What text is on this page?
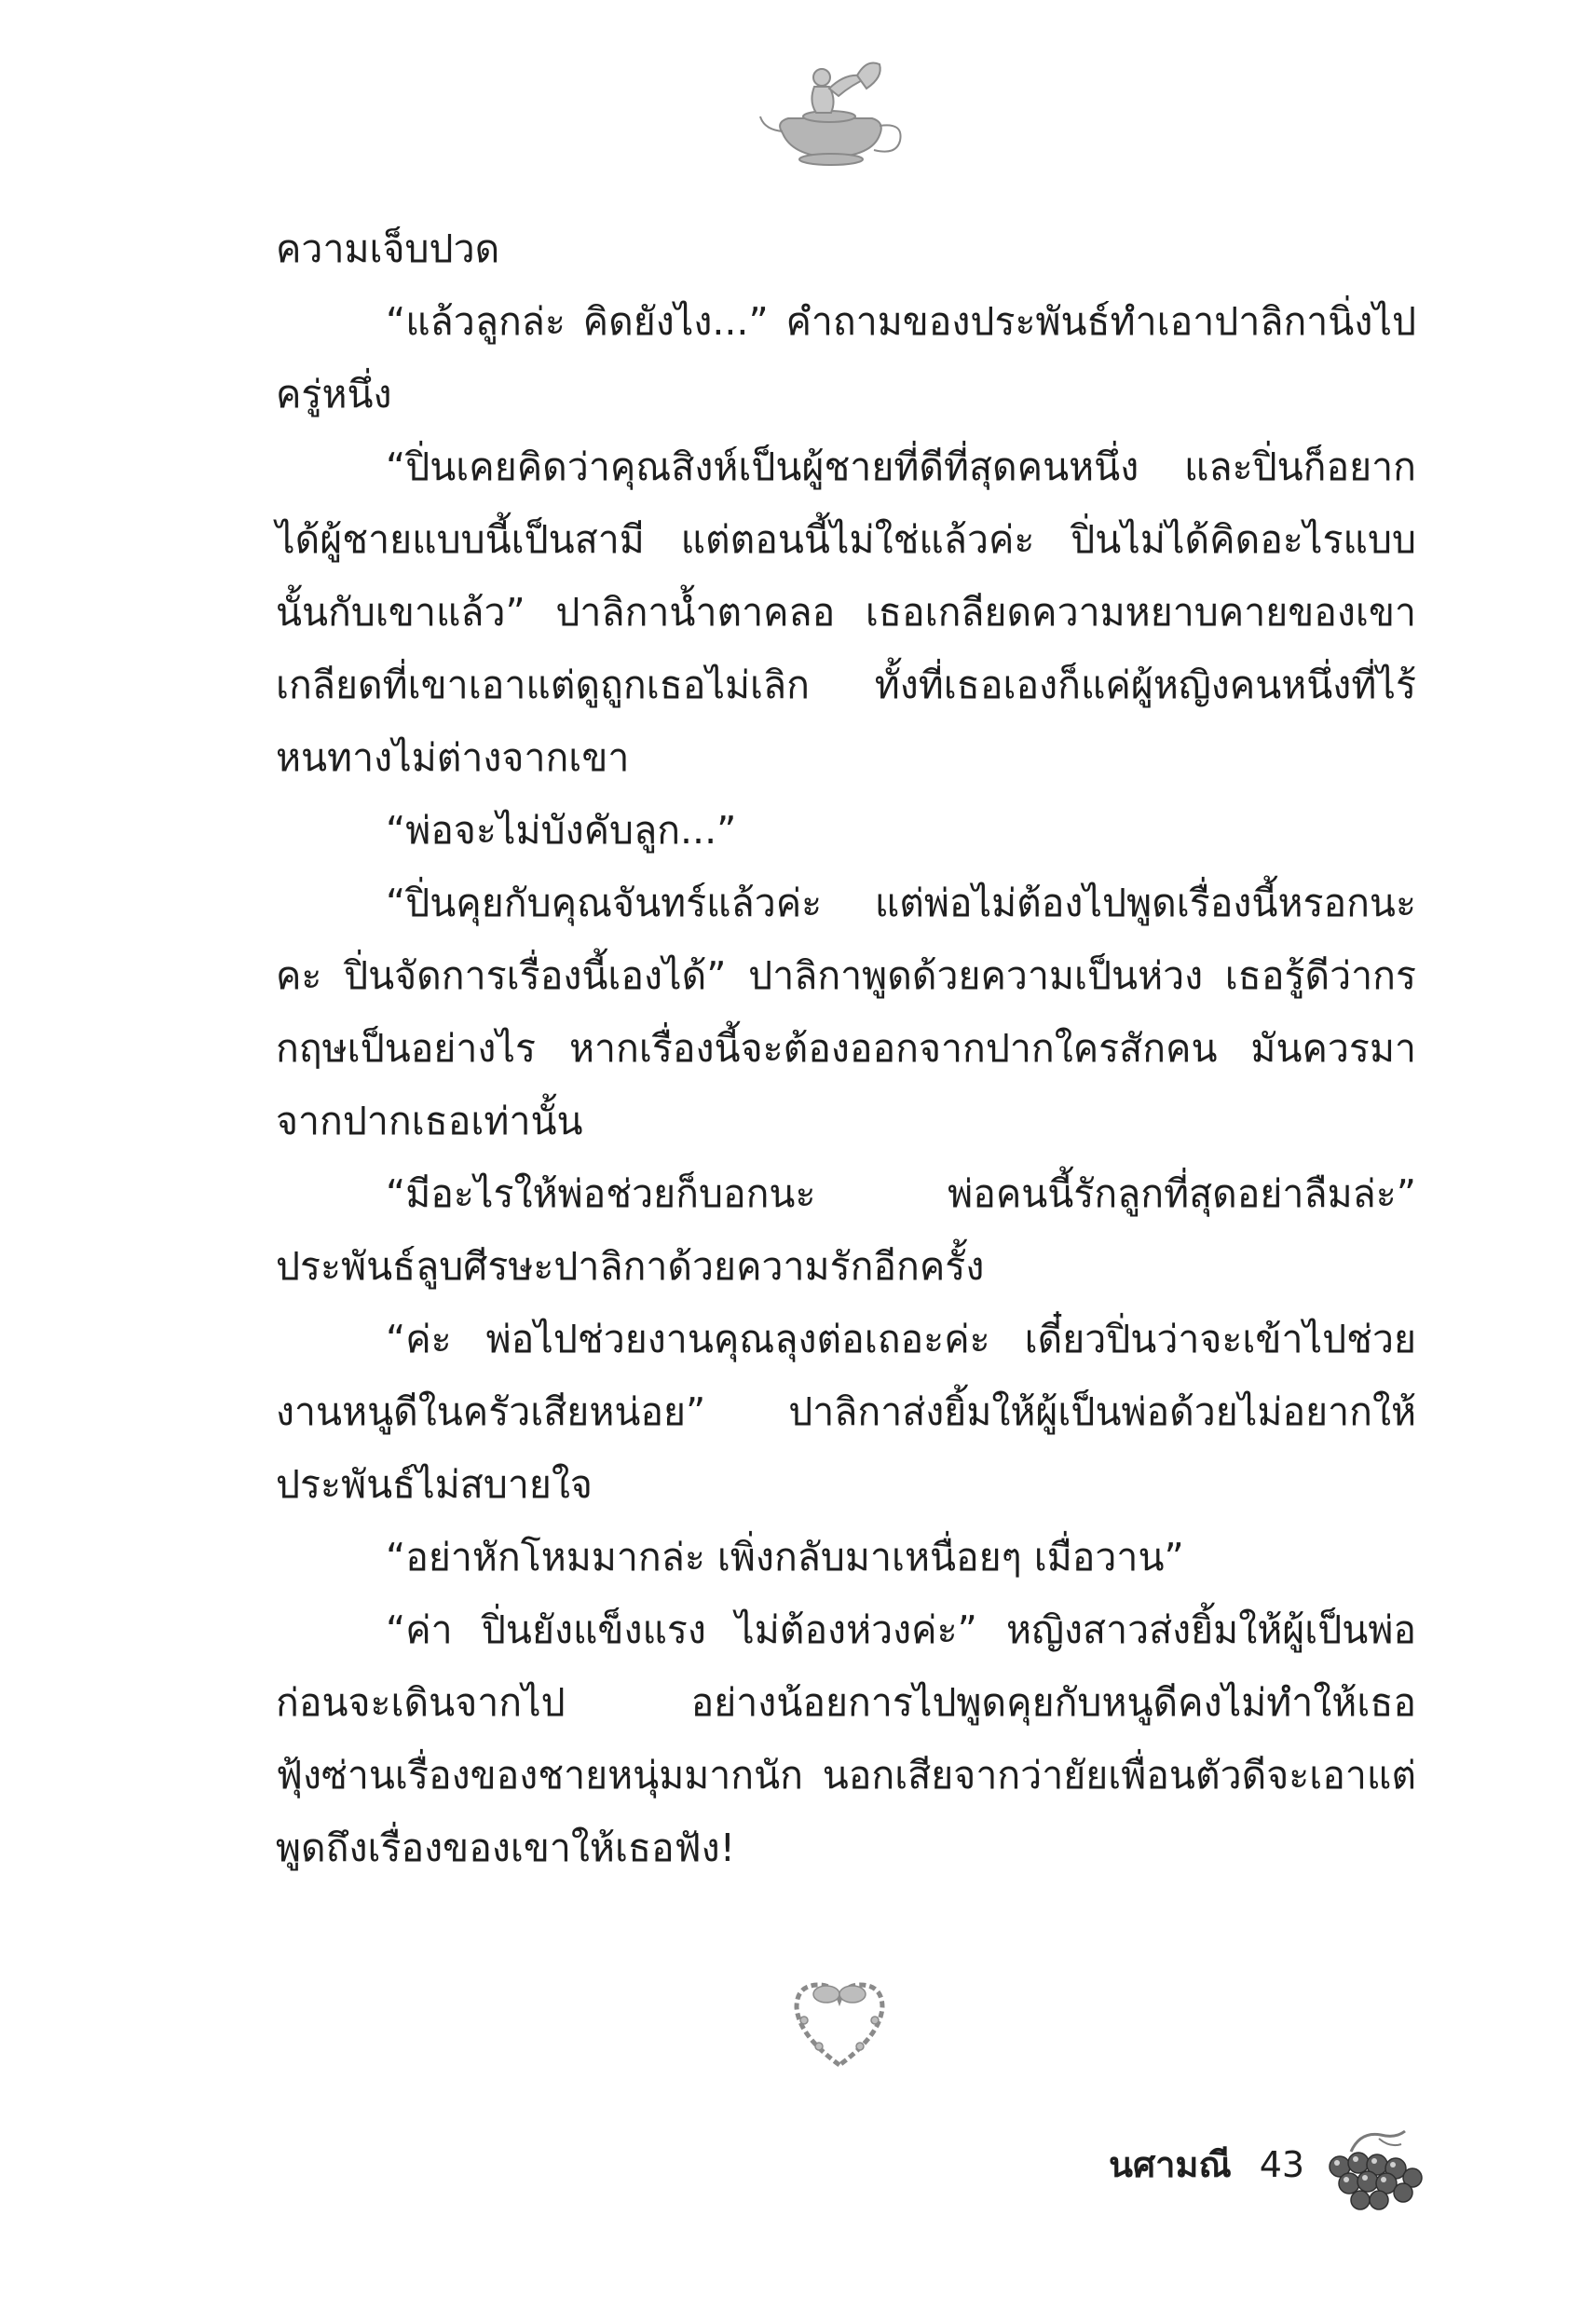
ความเจ็บปวด

“แล้วลูกล่ะ คิดยังไง...” คำถามของประพันธ์ทำเอาปาลิกานิ่งไปครู่หนึ่ง

“ปิ่นเคยคิดว่าคุณสิงห์เป็นผู้ชายที่ดีที่สุดคนหนึ่ง และปิ่นก็อยากได้ผู้ชายแบบนี้เป็นสามี แต่ตอนนี้ไม่ใช่แล้วค่ะ ปิ่นไม่ได้คิดอะไรแบบนั้นกับเขาแล้ว” ปาลิกาน้ำตาคลอ เธอเกลียดความหยาบคายของเขา เกลียดที่เขาเอาแต่ดูถูกเธอไม่เลิก ทั้งที่เธอเองก็แค่ผู้หญิงคนหนึ่งที่ไร้หนทางไม่ต่างจากเขา

“พ่อจะไม่บังคับลูก...”

“ปิ่นคุยกับคุณจันทร์แล้วค่ะ แต่พ่อไม่ต้องไปพูดเรื่องนี้หรอกนะคะ ปิ่นจัดการเรื่องนี้เองได้” ปาลิกาพูดด้วยความเป็นห่วง เธอรู้ดีว่ากรกฤษเป็นอย่างไร หากเรื่องนี้จะต้องออกจากปากใครสักคน มันควรมาจากปากเธอเท่านั้น

“มีอะไรให้พ่อช่วยก็บอกนะ พ่อคนนี้รักลูกที่สุดอย่าลืมล่ะ” ประพันธ์ลูบศีรษะปาลิกาด้วยความรักอีกครั้ง

“ค่ะ พ่อไปช่วยงานคุณลุงต่อเถอะค่ะ เดี๋ยวปิ่นว่าจะเข้าไปช่วยงานหนูดีในครัวเสียหน่อย” ปาลิกาส่งยิ้มให้ผู้เป็นพ่อด้วยไม่อยากให้ประพันธ์ไม่สบายใจ

“อย่าหักโหมมากล่ะ เพิ่งกลับมาเหนื่อยๆ เมื่อวาน”

“ค่า ปิ่นยังแข็งแรง ไม่ต้องห่วงค่ะ” หญิงสาวส่งยิ้มให้ผู้เป็นพ่อก่อนจะเดินจากไป อย่างน้อยการไปพูดคุยกับหนูดีคงไม่ทำให้เธอฟุ้งซ่านเรื่องของชายหนุ่มมากนัก นอกเสียจากว่ายัยเพื่อนตัวดีจะเอาแต่พูดถึงเรื่องของเขาให้เธอฟัง!

นศามณี 43
